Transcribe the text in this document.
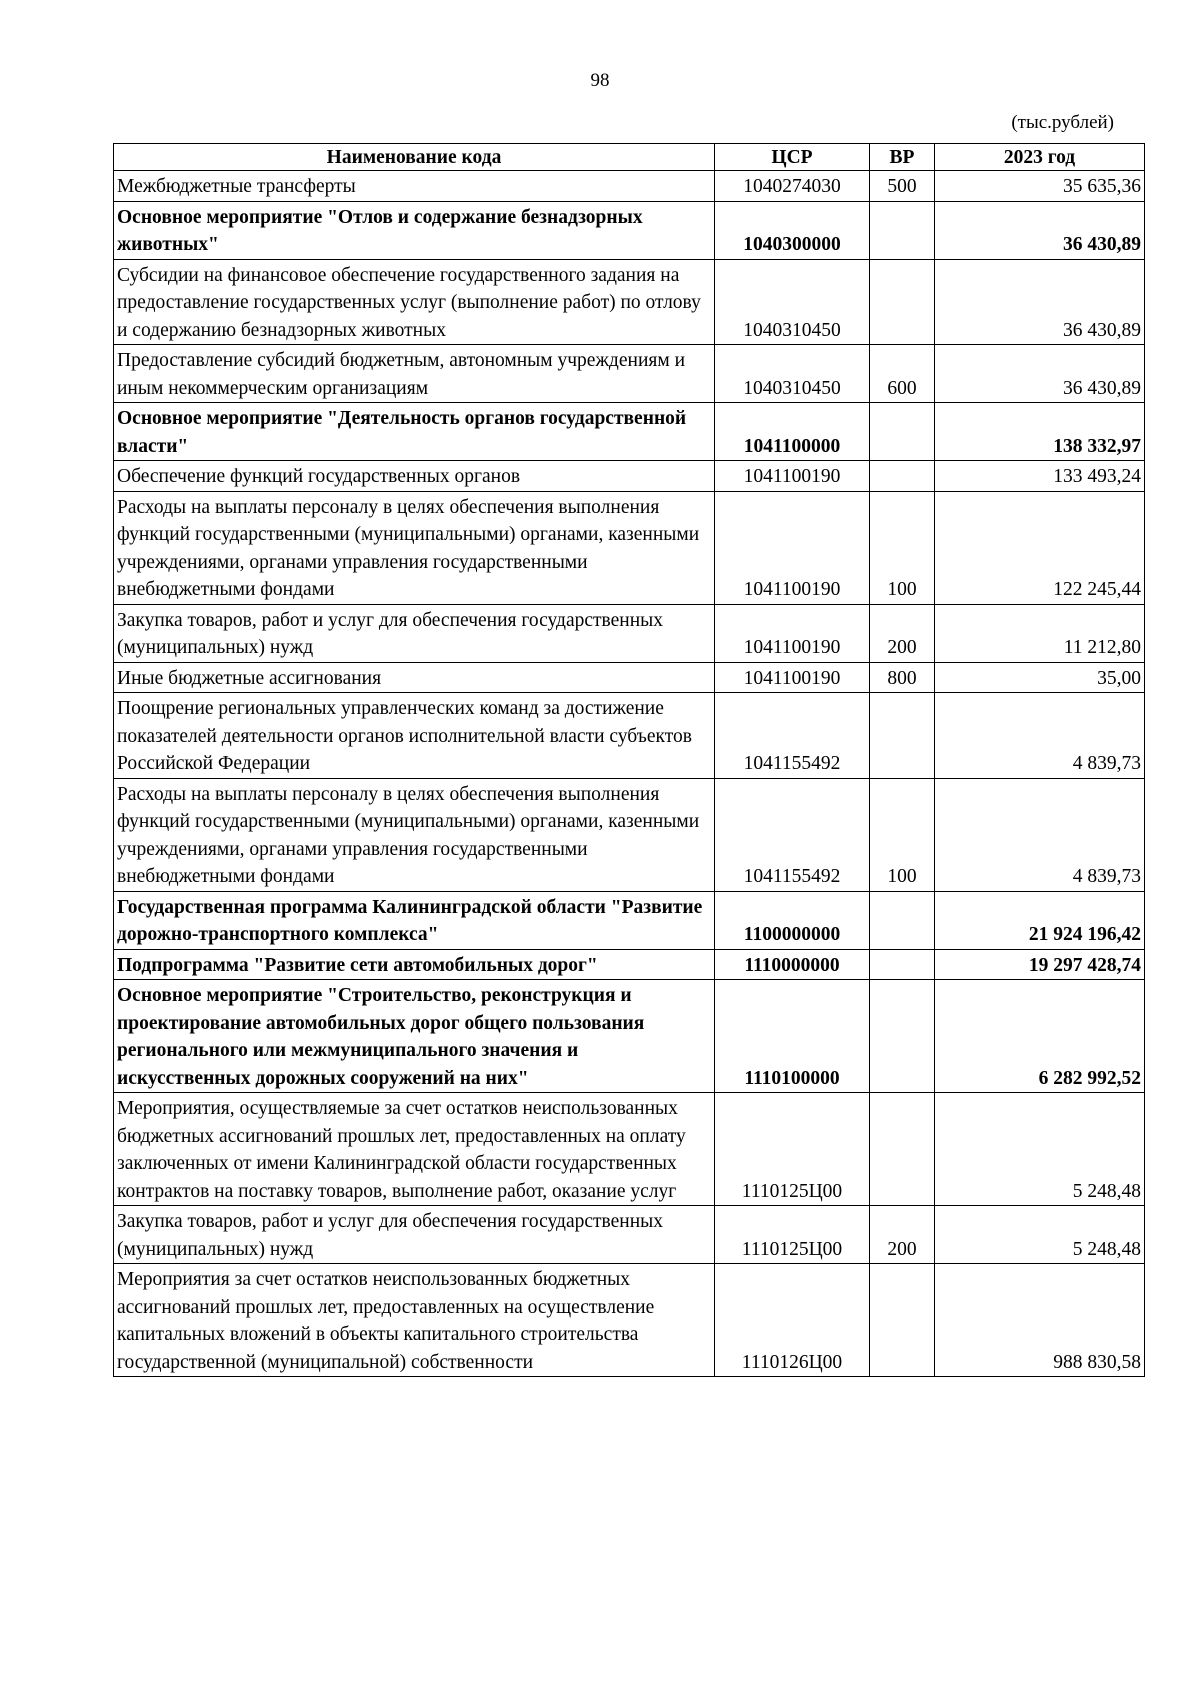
98
(тыс.рублей)
Наименование кода	ЦСР	ВР	2023 год
Межбюджетные трансферты	1040274030	500	35 635,36
Основное мероприятие "Отлов и содержание безнадзорных животных"	1040300000		36 430,89
Субсидии на финансовое обеспечение государственного задания на предоставление государственных услуг (выполнение работ) по отлову и содержанию безнадзорных животных	1040310450		36 430,89
Предоставление субсидий бюджетным, автономным учреждениям и иным некоммерческим организациям	1040310450	600	36 430,89
Основное мероприятие "Деятельность органов государственной власти"	1041100000		138 332,97
Обеспечение функций государственных органов	1041100190		133 493,24
Расходы на выплаты персоналу в целях обеспечения выполнения функций государственными (муниципальными) органами, казенными учреждениями, органами управления государственными внебюджетными фондами	1041100190	100	122 245,44
Закупка товаров, работ и услуг для обеспечения государственных (муниципальных) нужд	1041100190	200	11 212,80
Иные бюджетные ассигнования	1041100190	800	35,00
Поощрение региональных управленческих команд за достижение показателей деятельности органов исполнительной власти субъектов Российской Федерации	1041155492		4 839,73
Расходы на выплаты персоналу в целях обеспечения выполнения функций государственными (муниципальными) органами, казенными учреждениями, органами управления государственными внебюджетными фондами	1041155492	100	4 839,73
Государственная программа Калининградской области "Развитие дорожно-транспортного комплекса"	1100000000		21 924 196,42
Подпрограмма "Развитие сети автомобильных дорог"	1110000000		19 297 428,74
Основное мероприятие "Строительство, реконструкция и проектирование автомобильных дорог общего пользования регионального или межмуниципального значения и искусственных дорожных сооружений на них"	1110100000		6 282 992,52
Мероприятия, осуществляемые за счет остатков неиспользованных бюджетных ассигнований прошлых лет, предоставленных на оплату заключенных от имени Калининградской области государственных контрактов на поставку товаров, выполнение работ, оказание услуг	1110125Ц00		5 248,48
Закупка товаров, работ и услуг для обеспечения государственных (муниципальных) нужд	1110125Ц00	200	5 248,48
Мероприятия за счет остатков неиспользованных бюджетных ассигнований прошлых лет, предоставленных на осуществление капитальных вложений в объекты капитального строительства государственной (муниципальной) собственности	1110126Ц00		988 830,58
